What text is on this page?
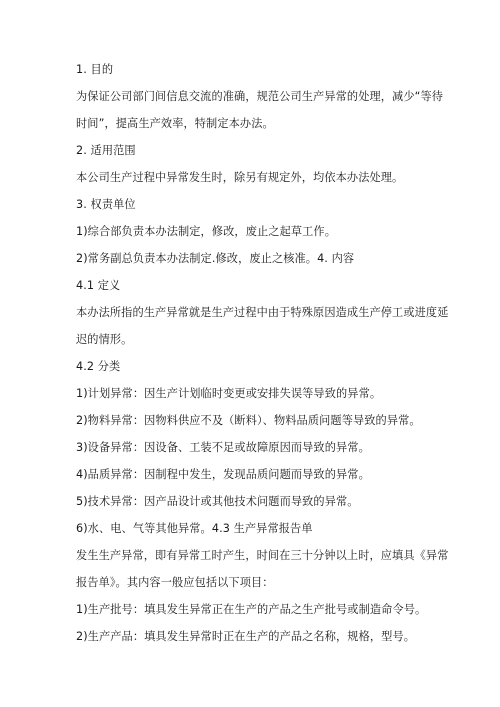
1. 目的
为保证公司部门间信息交流的准确，规范公司生产异常的处理，减少“等待
时间”，提高生产效率，特制定本办法。
2. 适用范围
本公司生产过程中异常发生时，除另有规定外，均依本办法处理。
3. 权责单位
1)综合部负责本办法制定，修改，废止之起草工作。
2)常务副总负责本办法制定.修改，废止之核准。4. 内容
4.1 定义
本办法所指的生产异常就是生产过程中由于特殊原因造成生产停工或进度延
迟的情形。
4.2 分类
1)计划异常：因生产计划临时变更或安排失误等导致的异常。
2)物料异常：因物料供应不及（断料）、物料品质问题等导致的异常。
3)设备异常：因设备、工装不足或故障原因而导致的异常。
4)品质异常：因制程中发生，发现品质问题而导致的异常。
5)技术异常：因产品设计或其他技术问题而导致的异常。
6)水、电、气等其他异常。4.3 生产异常报告单
发生生产异常，即有异常工时产生，时间在三十分钟以上时，应填具《异常
报告单》。其内容一般应包括以下项目：
1)生产批号：填具发生异常正在生产的产品之生产批号或制造命令号。
2)生产产品：填具发生异常时正在生产的产品之名称，规格，型号。
